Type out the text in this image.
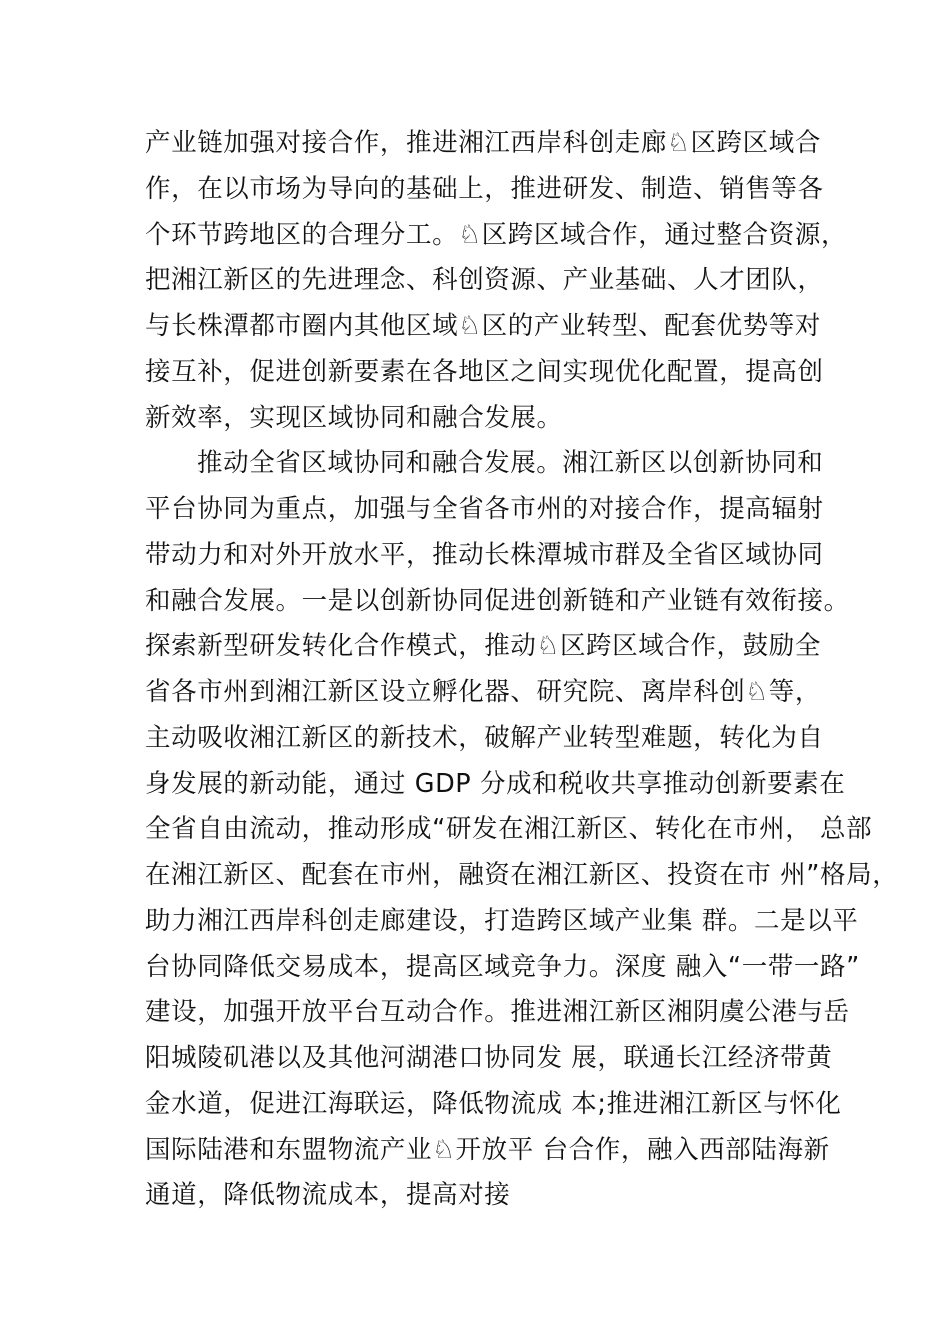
产业链加强对接合作，推进湘江西岸科创走廊♘区跨区域合
作，在以市场为导向的基础上，推进研发、制造、销售等各
个环节跨地区的合理分工。♘区跨区域合作，通过整合资源，
把湘江新区的先进理念、科创资源、产业基础、人才团队，
与长株潭都市圈内其他区域♘区的产业转型、配套优势等对
接互补，促进创新要素在各地区之间实现优化配置，提高创
新效率，实现区域协同和融合发展。
推动全省区域协同和融合发展。湘江新区以创新协同和
平台协同为重点，加强与全省各市州的对接合作，提高辐射
带动力和对外开放水平，推动长株潭城市群及全省区域协同
和融合发展。一是以创新协同促进创新链和产业链有效衔接。
探索新型研发转化合作模式，推动♘区跨区域合作，鼓励全
省各市州到湘江新区设立孵化器、研究院、离岸科创♘等，
主动吸收湘江新区的新技术，破解产业转型难题，转化为自
身发展的新动能，通过 GDP 分成和税收共享推动创新要素在
全省自由流动，推动形成“研发在湘江新区、转化在市州， 总部
在湘江新区、配套在市州，融资在湘江新区、投资在市 州”格局，
助力湘江西岸科创走廊建设，打造跨区域产业集 群。二是以平
台协同降低交易成本，提高区域竞争力。深度 融入“一带一路”
建设，加强开放平台互动合作。推进湘江新区湘阴虞公港与岳
阳城陵矶港以及其他河湖港口协同发 展，联通长江经济带黄
金水道，促进江海联运，降低物流成 本;推进湘江新区与怀化
国际陆港和东盟物流产业♘开放平 台合作，融入西部陆海新
通道，降低物流成本，提高对接
